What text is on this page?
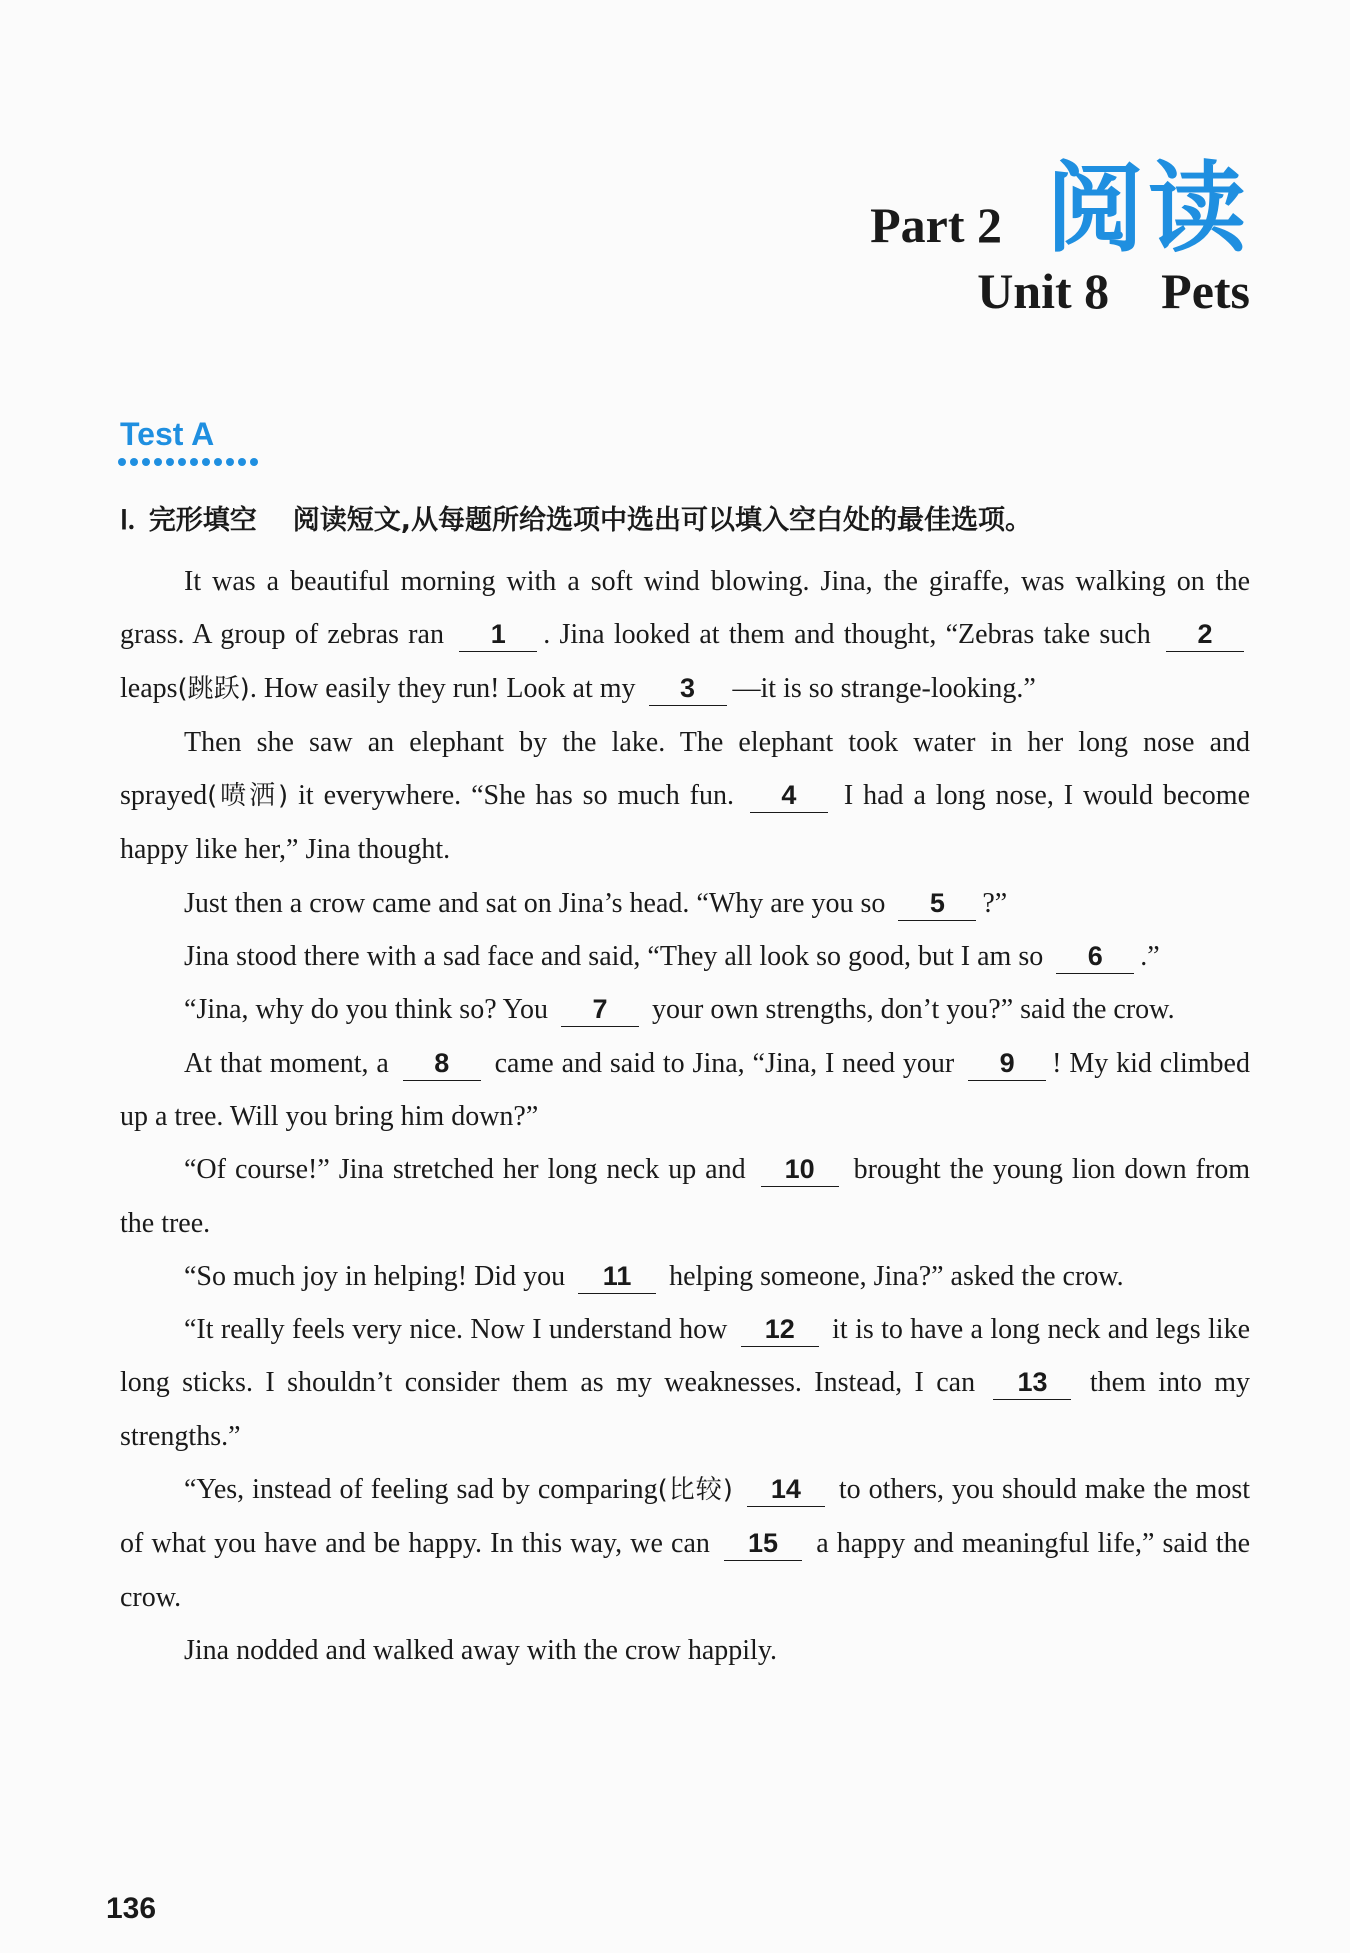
Part 2 阅读
Unit 8 Pets
Test A
Ⅰ. 完形填空 阅读短文,从每题所给选项中选出可以填入空白处的最佳选项。

It was a beautiful morning with a soft wind blowing. Jina, the giraffe, was walking on the grass. A group of zebras ran 1 . Jina looked at them and thought, “Zebras take such 2 leaps(跳跃). How easily they run! Look at my 3 —it is so strange-looking.”

Then she saw an elephant by the lake. The elephant took water in her long nose and sprayed(喷洒) it everywhere. “She has so much fun. 4 I had a long nose, I would become happy like her,” Jina thought.

Just then a crow came and sat on Jina’s head. “Why are you so 5 ?”

Jina stood there with a sad face and said, “They all look so good, but I am so 6 .”

“Jina, why do you think so? You 7 your own strengths, don’t you?” said the crow.

At that moment, a 8 came and said to Jina, “Jina, I need your 9 ! My kid climbed up a tree. Will you bring him down?”

“Of course!” Jina stretched her long neck up and 10 brought the young lion down from the tree.

“So much joy in helping! Did you 11 helping someone, Jina?” asked the crow.

“It really feels very nice. Now I understand how 12 it is to have a long neck and legs like long sticks. I shouldn’t consider them as my weaknesses. Instead, I can 13 them into my strengths.”

“Yes, instead of feeling sad by comparing(比较) 14 to others, you should make the most of what you have and be happy. In this way, we can 15 a happy and meaningful life,” said the crow.

Jina nodded and walked away with the crow happily.

136
